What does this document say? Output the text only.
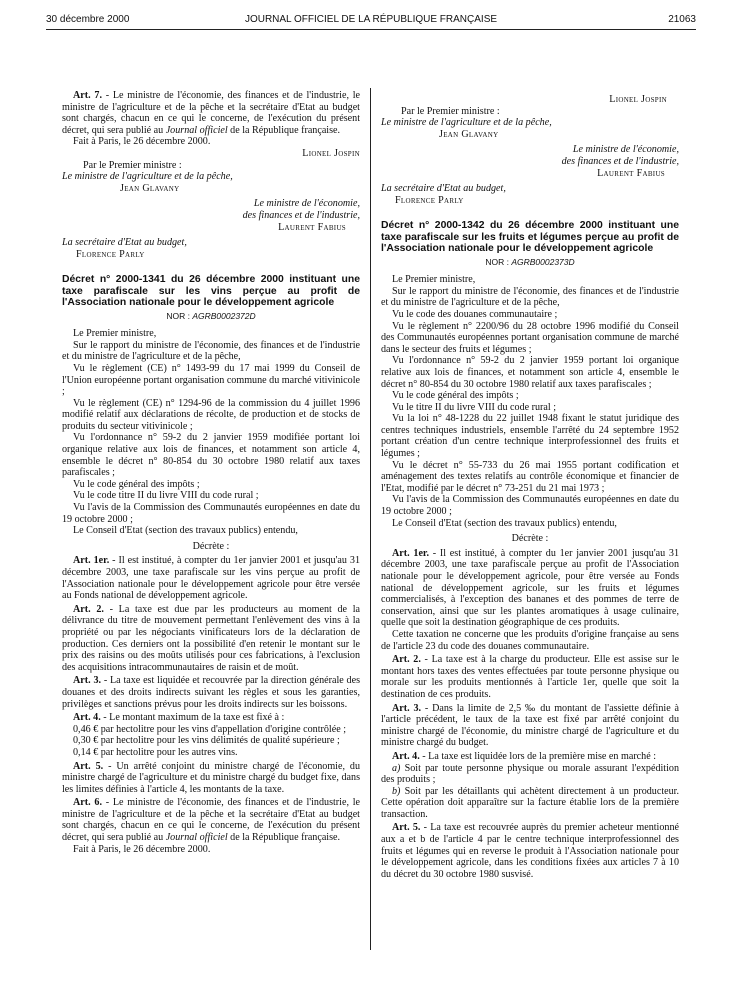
30 décembre 2000	JOURNAL OFFICIEL DE LA RÉPUBLIQUE FRANÇAISE	21063

Art. 7. - Le ministre de l'économie, des finances et de l'industrie, le ministre de l'agriculture et de la pêche et la secrétaire d'Etat au budget sont chargés, chacun en ce qui le concerne, de l'exécution du présent décret, qui sera publié au Journal officiel de la République française.

Fait à Paris, le 26 décembre 2000.

Lionel Jospin

Par le Premier ministre :

Le ministre de l'agriculture et de la pêche,

Jean Glavany

Le ministre de l'économie,

des finances et de l'industrie,

Laurent Fabius

La secrétaire d'Etat au budget,

Florence Parly

Décret n° 2000-1341 du 26 décembre 2000 instituant une taxe parafiscale sur les vins perçue au profit de l'Association nationale pour le développement agricole

NOR : AGRB0002372D

Le Premier ministre,

Sur le rapport du ministre de l'économie, des finances et de l'industrie et du ministre de l'agriculture et de la pêche,

Vu le règlement (CE) n° 1493-99 du 17 mai 1999 du Conseil de l'Union européenne portant organisation commune du marché vitivinicole ;

Vu le règlement (CE) n° 1294-96 de la commission du 4 juillet 1996 modifié relatif aux déclarations de récolte, de production et de stocks de produits du secteur vitivinicole ;

Vu l'ordonnance n° 59-2 du 2 janvier 1959 modifiée portant loi organique relative aux lois de finances, et notamment son article 4, ensemble le décret n° 80-854 du 30 octobre 1980 relatif aux taxes parafiscales ;

Vu le code général des impôts ;

Vu le code titre II du livre VIII du code rural ;

Vu l'avis de la Commission des Communautés européennes en date du 19 octobre 2000 ;

Le Conseil d'Etat (section des travaux publics) entendu,

Décrète :

Art. 1er. - Il est institué, à compter du 1er janvier 2001 et jusqu'au 31 décembre 2003, une taxe parafiscale sur les vins perçue au profit de l'Association nationale pour le développement agricole pour être versée au Fonds national de développement agricole.

Art. 2. - La taxe est due par les producteurs au moment de la délivrance du titre de mouvement permettant l'enlèvement des vins à la propriété ou par les négociants vinificateurs lors de la déclaration de production. Ces derniers ont la possibilité d'en retenir le montant sur le prix des raisins ou des moûts utilisés pour ces fabrications, à l'exclusion des acquisitions intracommunautaires de raisin et de moût.

Art. 3. - La taxe est liquidée et recouvrée par la direction générale des douanes et des droits indirects suivant les règles et sous les garanties, privilèges et sanctions prévus pour les droits indirects sur les boissons.

Art. 4. - Le montant maximum de la taxe est fixé à :

0,46 € par hectolitre pour les vins d'appellation d'origine contrôlée ;

0,30 € par hectolitre pour les vins délimités de qualité supérieure ;

0,14 € par hectolitre pour les autres vins.

Art. 5. - Un arrêté conjoint du ministre chargé de l'économie, du ministre chargé de l'agriculture et du ministre chargé du budget fixe, dans les limites définies à l'article 4, les montants de la taxe.

Art. 6. - Le ministre de l'économie, des finances et de l'industrie, le ministre de l'agriculture et de la pêche et la secrétaire d'Etat au budget sont chargés, chacun en ce qui le concerne, de l'exécution du présent décret, qui sera publié au Journal officiel de la République française.

Fait à Paris, le 26 décembre 2000.

Lionel Jospin

Par le Premier ministre :

Le ministre de l'agriculture et de la pêche,

Jean Glavany

Le ministre de l'économie,

des finances et de l'industrie,

Laurent Fabius

La secrétaire d'Etat au budget,

Florence Parly

Décret n° 2000-1342 du 26 décembre 2000 instituant une taxe parafiscale sur les fruits et légumes perçue au profit de l'Association nationale pour le développement agricole

NOR : AGRB0002373D

Le Premier ministre,

Sur le rapport du ministre de l'économie, des finances et de l'industrie et du ministre de l'agriculture et de la pêche,

Vu le code des douanes communautaire ;

Vu le règlement n° 2200/96 du 28 octobre 1996 modifié du Conseil des Communautés européennes portant organisation commune de marché dans le secteur des fruits et légumes ;

Vu l'ordonnance n° 59-2 du 2 janvier 1959 portant loi organique relative aux lois de finances, et notamment son article 4, ensemble le décret n° 80-854 du 30 octobre 1980 relatif aux taxes parafiscales ;

Vu le code général des impôts ;

Vu le titre II du livre VIII du code rural ;

Vu la loi n° 48-1228 du 22 juillet 1948 fixant le statut juridique des centres techniques industriels, ensemble l'arrêté du 24 septembre 1952 portant création d'un centre technique interprofessionnel des fruits et légumes ;

Vu le décret n° 55-733 du 26 mai 1955 portant codification et aménagement des textes relatifs au contrôle économique et financier de l'Etat, modifié par le décret n° 73-251 du 21 mai 1973 ;

Vu l'avis de la Commission des Communautés européennes en date du 19 octobre 2000 ;

Le Conseil d'Etat (section des travaux publics) entendu,

Décrète :

Art. 1er. - Il est institué, à compter du 1er janvier 2001 jusqu'au 31 décembre 2003, une taxe parafiscale perçue au profit de l'Association nationale pour le développement agricole, pour être versée au Fonds national de développement agricole, sur les fruits et légumes commercialisés, à l'exception des bananes et des pommes de terre de conservation, ainsi que sur les plantes aromatiques à usage culinaire, quelle que soit la destination géographique de ces produits.

Cette taxation ne concerne que les produits d'origine française au sens de l'article 23 du code des douanes communautaire.

Art. 2. - La taxe est à la charge du producteur. Elle est assise sur le montant hors taxes des ventes effectuées par toute personne physique ou morale sur les produits mentionnés à l'article 1er, quelle que soit la destination de ces produits.

Art. 3. - Dans la limite de 2,5 ‰ du montant de l'assiette définie à l'article précédent, le taux de la taxe est fixé par arrêté conjoint du ministre chargé de l'économie, du ministre chargé de l'agriculture et du ministre chargé du budget.

Art. 4. - La taxe est liquidée lors de la première mise en marché :

a) Soit par toute personne physique ou morale assurant l'expédition des produits ;

b) Soit par les détaillants qui achètent directement à un producteur. Cette opération doit apparaître sur la facture établie lors de la première transaction.

Art. 5. - La taxe est recouvrée auprès du premier acheteur mentionné aux a et b de l'article 4 par le centre technique interprofessionnel des fruits et légumes qui en reverse le produit à l'Association nationale pour le développement agricole, dans les conditions fixées aux articles 7 à 10 du décret du 30 octobre 1980 susvisé.
